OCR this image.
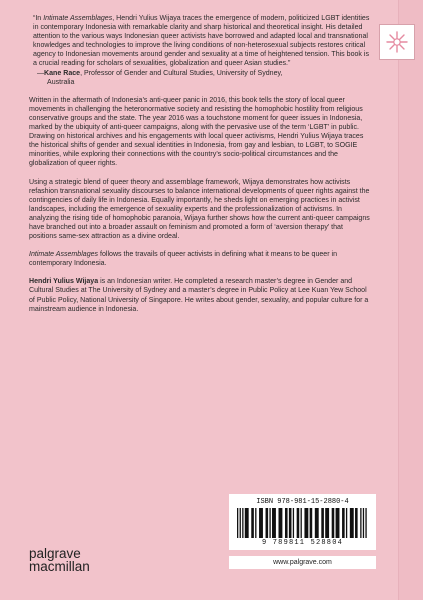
“In Intimate Assemblages, Hendri Yulius Wijaya traces the emergence of modern, politicized LGBT identities in contemporary Indonesia with remarkable clarity and sharp historical and theoretical insight. His detailed attention to the various ways Indonesian queer activists have borrowed and adapted local and transnational knowledges and technologies to improve the living conditions of non-heterosexual subjects restores critical agency to Indonesian movements around gender and sexuality at a time of heightened tension. This book is a crucial reading for scholars of sexualities, globalization and queer Asian studies.”
—Kane Race, Professor of Gender and Cultural Studies, University of Sydney,
Australia

Written in the aftermath of Indonesia’s anti-queer panic in 2016, this book tells the story of local queer movements in challenging the heteronormative society and resisting the homophobic hostility from religious conservative groups and the state. The year 2016 was a touchstone moment for queer issues in Indonesia, marked by the ubiquity of anti-queer campaigns, along with the pervasive use of the term ‘LGBT’ in public. Drawing on historical archives and his engagements with local queer activisms, Hendri Yulius Wijaya traces the historical shifts of gender and sexual identities in Indonesia, from gay and lesbian, to LGBT, to SOGIE minorities, while exploring their connections with the country’s socio-political circumstances and the globalization of queer rights.

Using a strategic blend of queer theory and assemblage framework, Wijaya demonstrates how activists refashion transnational sexuality discourses to balance international developments of queer rights against the contingencies of daily life in Indonesia. Equally importantly, he sheds light on emerging practices in activist landscapes, including the emergence of sexuality experts and the professionalization of activisms. In analyzing the rising tide of homophobic paranoia, Wijaya further shows how the current anti-queer campaigns have branched out into a broader assault on feminism and promoted a form of ‘aversion therapy’ that positions same-sex attraction as a divine ordeal.

Intimate Assemblages follows the travails of queer activists in defining what it means to be queer in contemporary Indonesia.

Hendri Yulius Wijaya is an Indonesian writer. He completed a research master’s degree in Gender and Cultural Studies at The University of Sydney and a master’s degree in Public Policy at Lee Kuan Yew School of Public Policy, National University of Singapore. He writes about gender, sexuality, and popular culture for a mainstream audience in Indonesia.

ISBN 978-981-15-2880-4
9 789811 528804
www.palgrave.com
palgrave
macmillan
